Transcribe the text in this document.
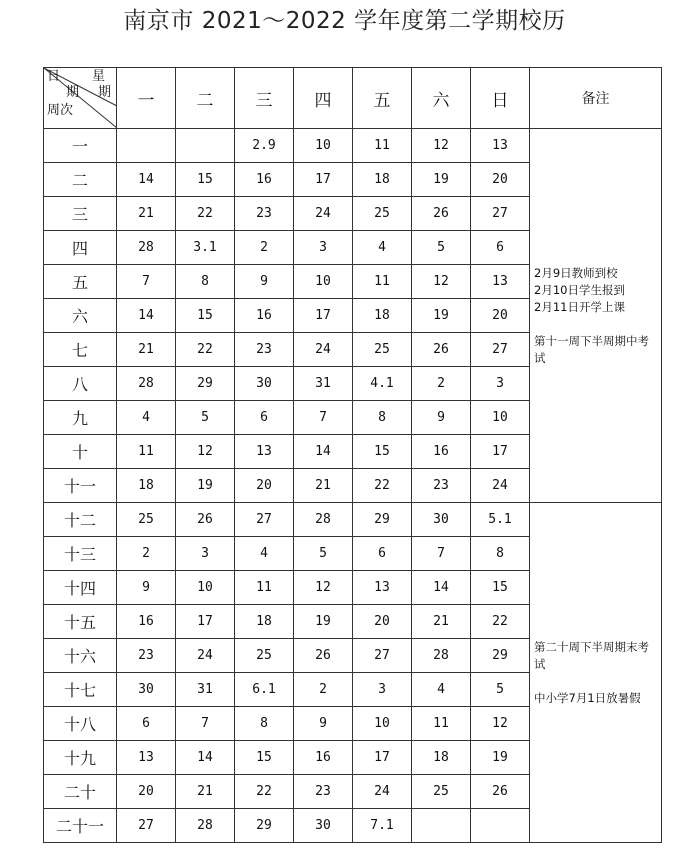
南京市 2021～2022 学年度第二学期校历
日 星
期 期
周次	一	二	三	四	五	六	日	备注
一			2.9	10	11	12	13	2月9日教师到校

2月10日学生报到

2月11日开学上课

第十一周下半周期中考试

二	14	15	16	17	18	19	20	
三	21	22	23	24	25	26	27	
四	28	3.1	2	3	4	5	6	
五	7	8	9	10	11	12	13	
六	14	15	16	17	18	19	20	
七	21	22	23	24	25	26	27	
八	28	29	30	31	4.1	2	3	
九	4	5	6	7	8	9	10	
十	11	12	13	14	15	16	17	
十一	18	19	20	21	22	23	24	
十二	25	26	27	28	29	30	5.1	第二十周下半周期末考试

中小学7月1日放暑假

十三	2	3	4	5	6	7	8	
十四	9	10	11	12	13	14	15	
十五	16	17	18	19	20	21	22	
十六	23	24	25	26	27	28	29	
十七	30	31	6.1	2	3	4	5	
十八	6	7	8	9	10	11	12	
十九	13	14	15	16	17	18	19	
二十	20	21	22	23	24	25	26	
二十一	27	28	29	30	7.1			
